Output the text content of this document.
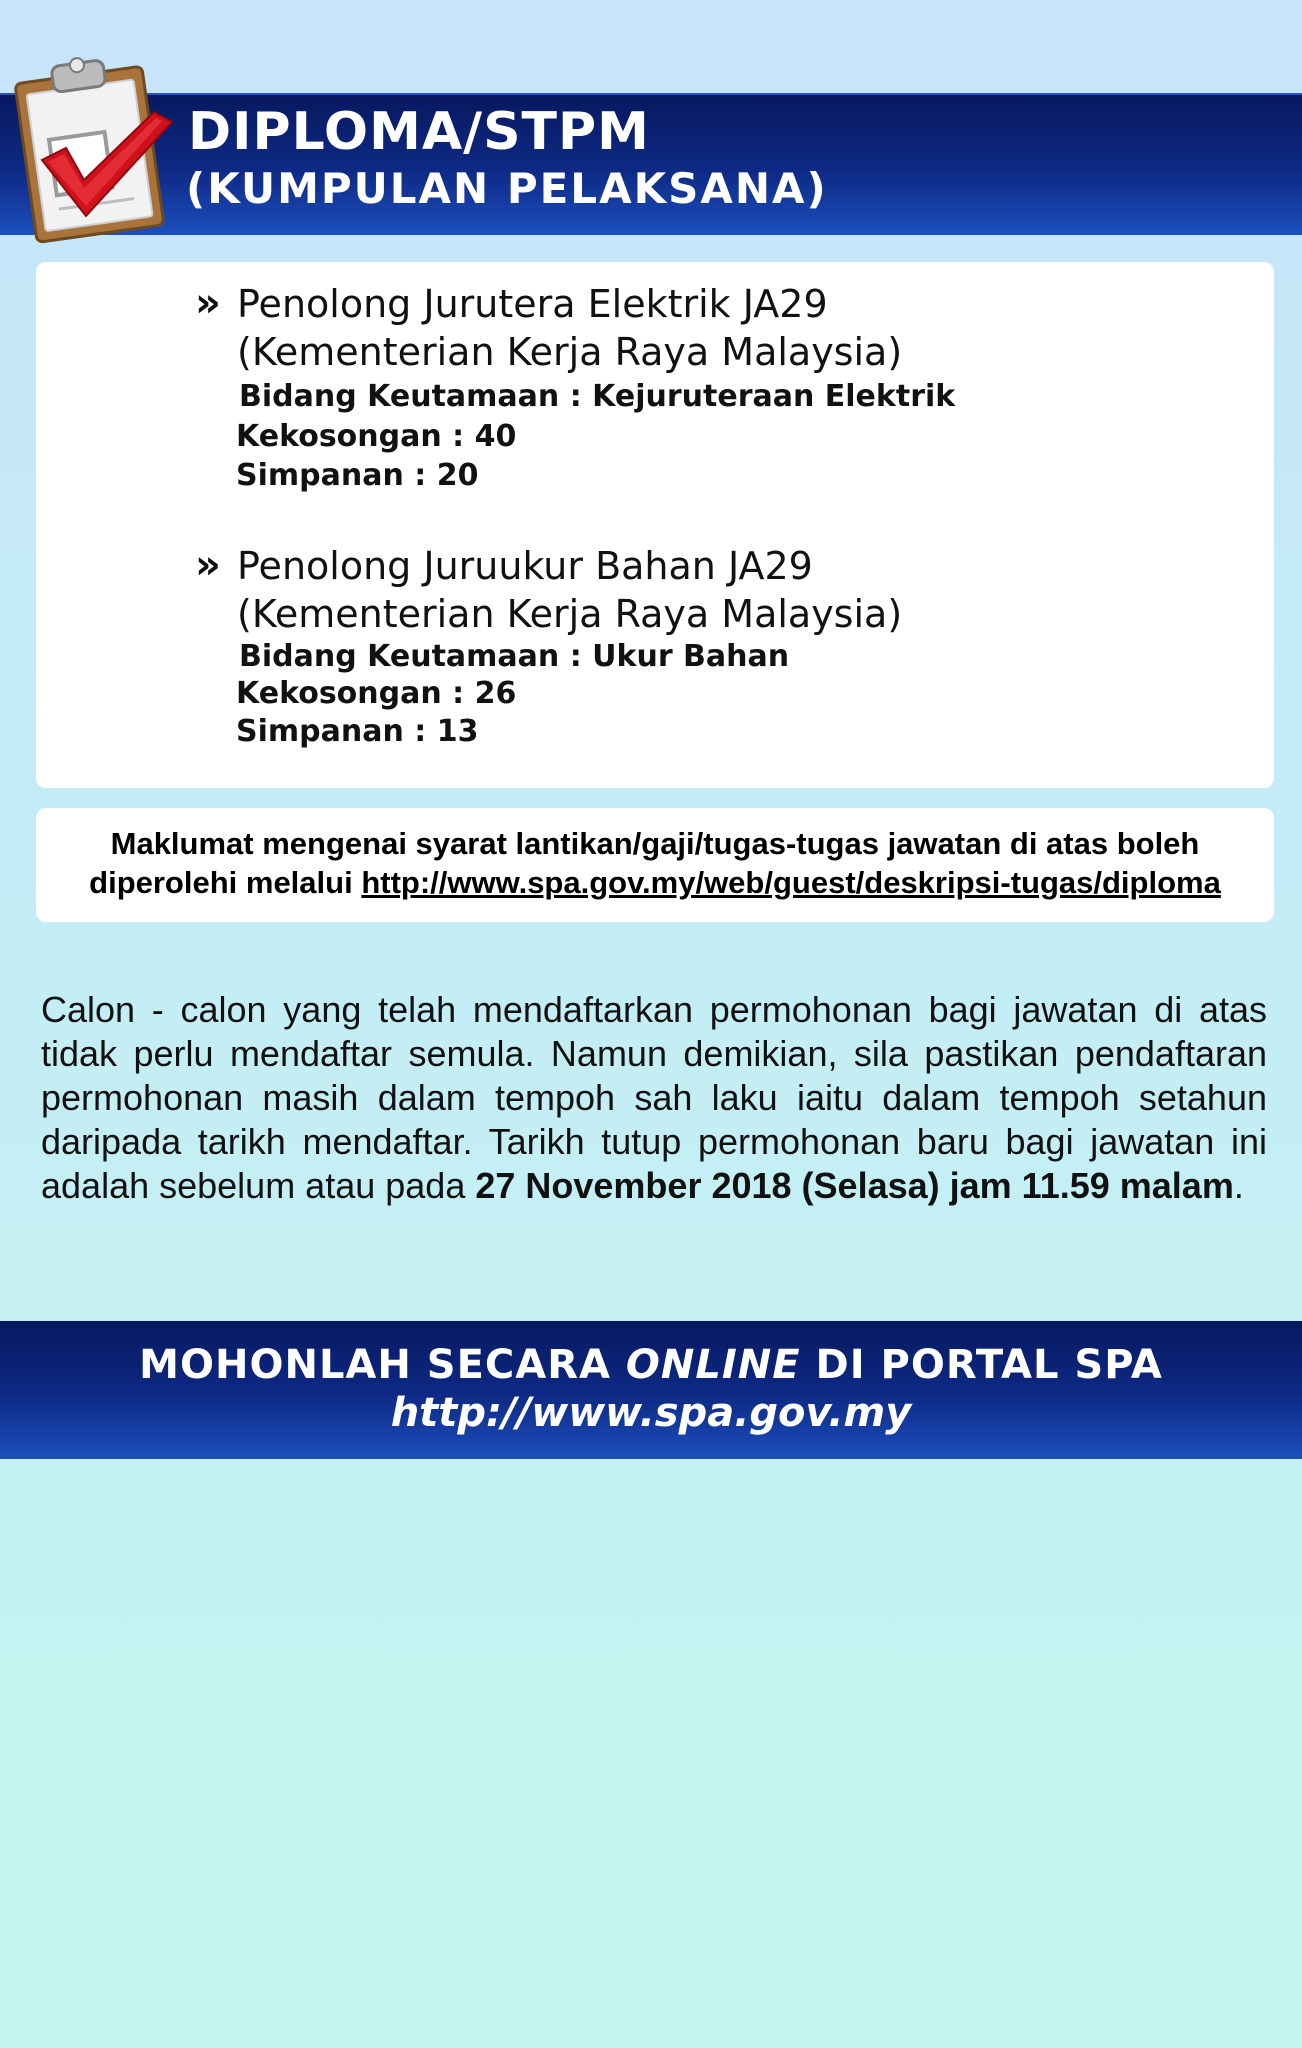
DIPLOMA/STPM
(KUMPULAN PELAKSANA)
» Penolong Jurutera Elektrik JA29
(Kementerian Kerja Raya Malaysia)
Bidang Keutamaan : Kejuruteraan Elektrik
Kekosongan : 40
Simpanan : 20
» Penolong Juruukur Bahan JA29
(Kementerian Kerja Raya Malaysia)
Bidang Keutamaan : Ukur Bahan
Kekosongan : 26
Simpanan : 13
Maklumat mengenai syarat lantikan/gaji/tugas-tugas jawatan di atas boleh diperolehi melalui http://www.spa.gov.my/web/guest/deskripsi-tugas/diploma
Calon - calon yang telah mendaftarkan permohonan bagi jawatan di atas tidak perlu mendaftar semula. Namun demikian, sila pastikan pendaftaran permohonan masih dalam tempoh sah laku iaitu dalam tempoh setahun daripada tarikh mendaftar. Tarikh tutup permohonan baru bagi jawatan ini adalah sebelum atau pada 27 November 2018 (Selasa) jam 11.59 malam.
MOHONLAH SECARA ONLINE DI PORTAL SPA
http://www.spa.gov.my
